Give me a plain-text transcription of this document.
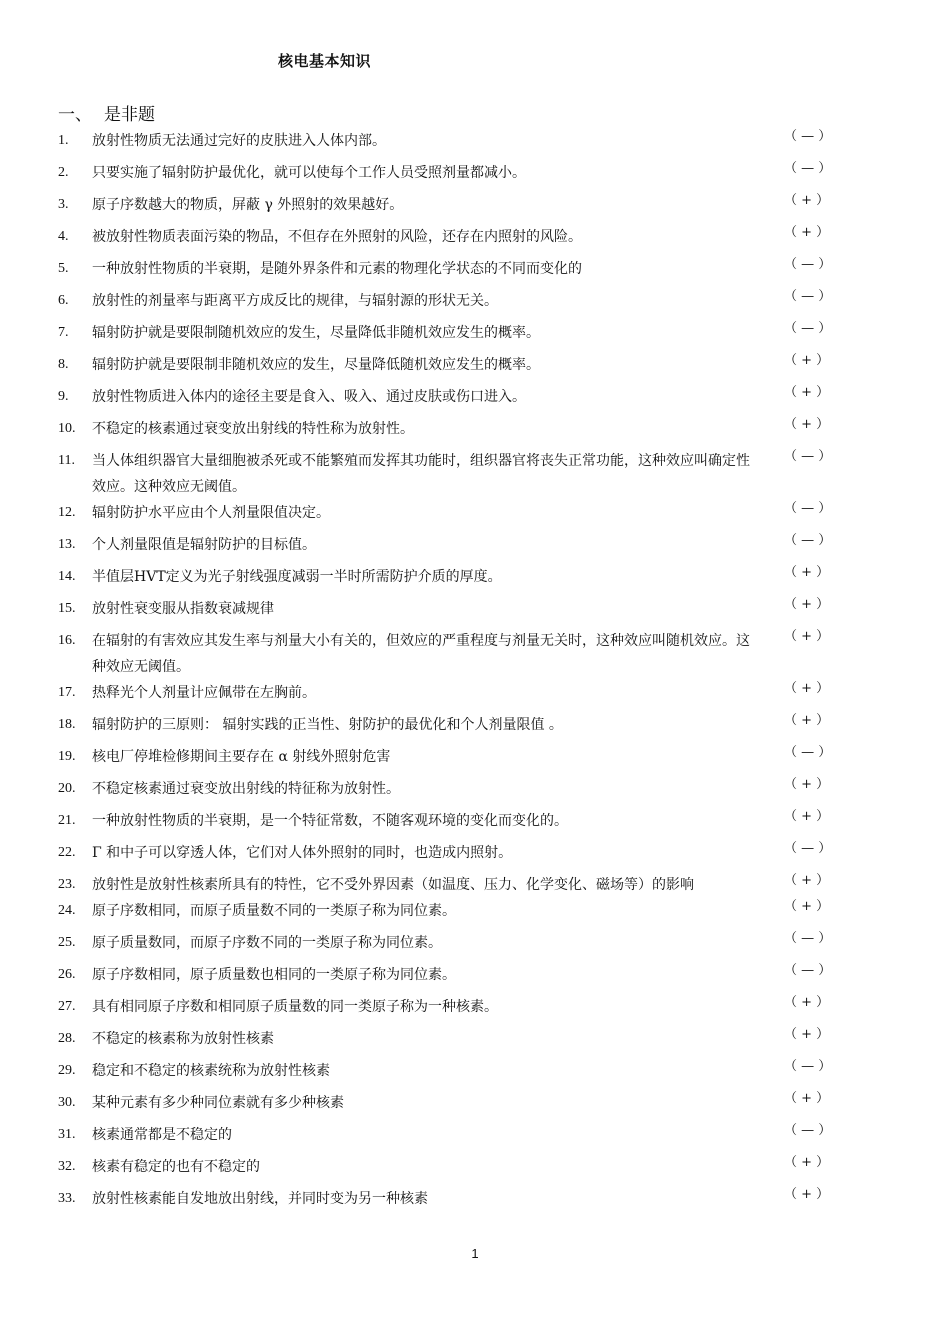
核电基本知识
一、 是非题
1. 放射性物质无法通过完好的皮肤进入人体内部。	（ — ）
2. 只要实施了辐射防护最优化，就可以使每个工作人员受照剂量都减小。	（ — ）
3. 原子序数越大的物质，屏蔽 γ 外照射的效果越好。	（ + ）
4. 被放射性物质表面污染的物品，不但存在外照射的风险，还存在内照射的风险。	（ + ）
5. 一种放射性物质的半衰期，是随外界条件和元素的物理化学状态的不同而变化的	（ — ）
6. 放射性的剂量率与距离平方成反比的规律，与辐射源的形状无关。	（ — ）
7. 辐射防护就是要限制随机效应的发生，尽量降低非随机效应发生的概率。	（ — ）
8. 辐射防护就是要限制非随机效应的发生，尽量降低随机效应发生的概率。	（ + ）
9. 放射性物质进入体内的途径主要是食入、吸入、通过皮肤或伤口进入。	（ + ）
10. 不稳定的核素通过衰变放出射线的特性称为放射性。	（ + ）
11. 当人体组织器官大量细胞被杀死或不能繁殖而发挥其功能时，组织器官将丧失正常功能，这种效应叫确定性效应。这种效应无阈值。
（ — ）
12. 辐射防护水平应由个人剂量限值决定。	（ — ）
13. 个人剂量限值是辐射防护的目标值。	（ — ）
14. 半值层HVT定义为光子射线强度减弱一半时所需防护介质的厚度。	（ + ）
15. 放射性衰变服从指数衰减规律	（ + ）
16. 在辐射的有害效应其发生率与剂量大小有关的，但效应的严重程度与剂量无关时，这种效应叫随机效应。这种效应无阈值。
（ + ）
17. 热释光个人剂量计应佩带在左胸前。	（ + ）
18. 辐射防护的三原则： 辐射实践的正当性、射防护的最优化和个人剂量限值 。	（ + ）
19. 核电厂停堆检修期间主要存在 α 射线外照射危害	（ — ）
20. 不稳定核素通过衰变放出射线的特征称为放射性。	（ + ）
21. 一种放射性物质的半衰期，是一个特征常数，不随客观环境的变化而变化的。	（ + ）
22. Γ 和中子可以穿透人体，它们对人体外照射的同时，也造成内照射。	（ — ）
23. 放射性是放射性核素所具有的特性，它不受外界因素（如温度、压力、化学变化、磁场等）的影响	（ + ）
24. 原子序数相同，而原子质量数不同的一类原子称为同位素。	（ + ）
25. 原子质量数同，而原子序数不同的一类原子称为同位素。	（ — ）
26. 原子序数相同，原子质量数也相同的一类原子称为同位素。	（ — ）
27. 具有相同原子序数和相同原子质量数的同一类原子称为一种核素。	（ + ）
28. 不稳定的核素称为放射性核素	（ + ）
29. 稳定和不稳定的核素统称为放射性核素	（ — ）
30. 某种元素有多少种同位素就有多少种核素	（ + ）
31. 核素通常都是不稳定的	（ — ）
32. 核素有稳定的也有不稳定的	（ + ）
33. 放射性核素能自发地放出射线，并同时变为另一种核素	（ + ）
1
